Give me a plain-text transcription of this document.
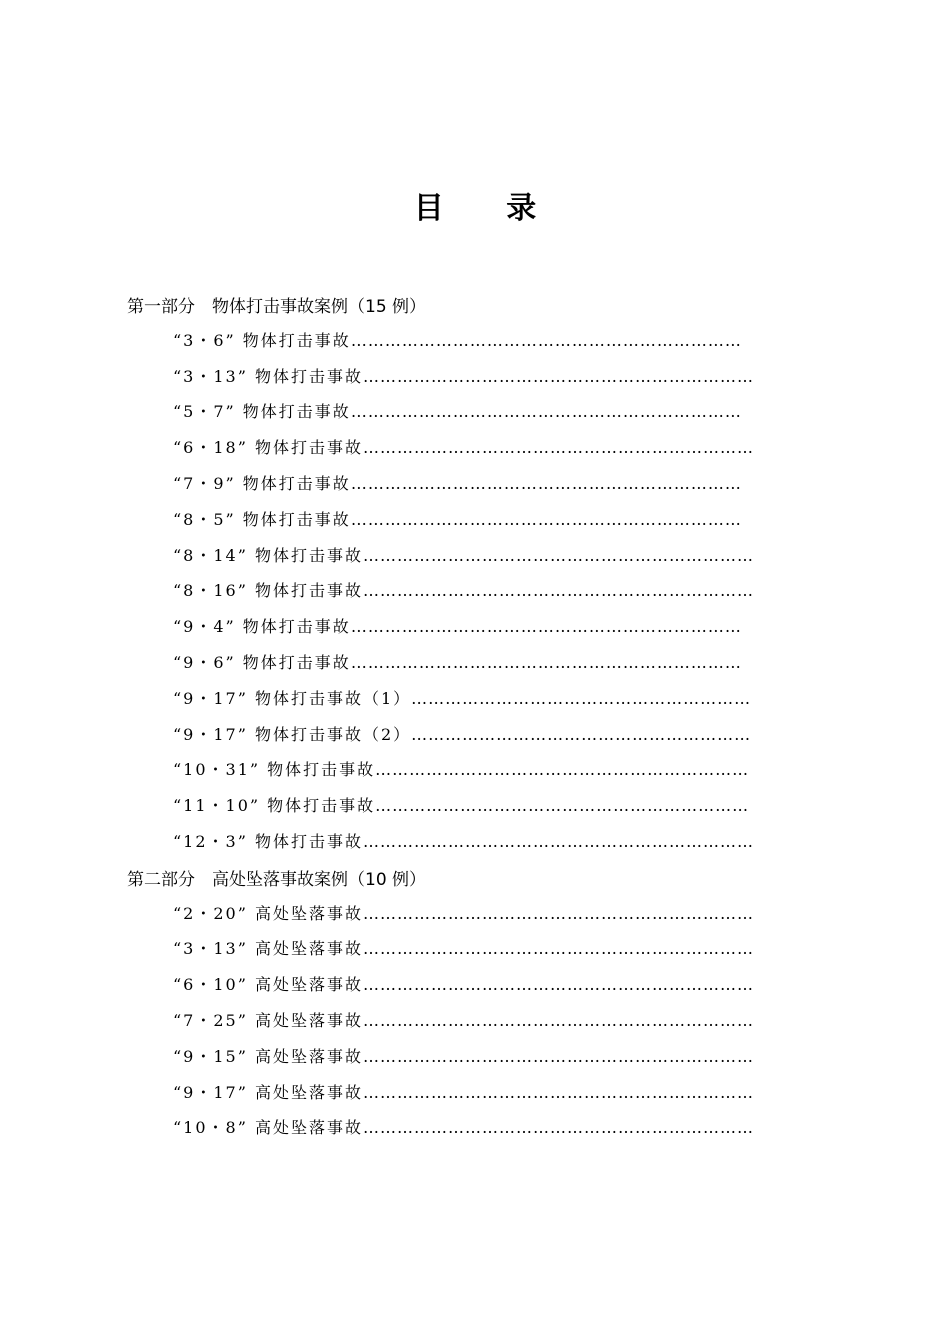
目 录
第一部分　物体打击事故案例（15 例）
“3・6” 物体打击事故……………………………………………………………
“3・13” 物体打击事故……………………………………………………………
“5・7” 物体打击事故……………………………………………………………
“6・18” 物体打击事故……………………………………………………………
“7・9” 物体打击事故……………………………………………………………
“8・5” 物体打击事故……………………………………………………………
“8・14” 物体打击事故……………………………………………………………
“8・16” 物体打击事故……………………………………………………………
“9・4” 物体打击事故……………………………………………………………
“9・6” 物体打击事故……………………………………………………………
“9・17” 物体打击事故（1）……………………………………………………
“9・17” 物体打击事故（2）……………………………………………………
“10・31” 物体打击事故…………………………………………………………
“11・10” 物体打击事故…………………………………………………………
“12・3” 物体打击事故……………………………………………………………
第二部分　高处坠落事故案例（10 例）
“2・20” 高处坠落事故……………………………………………………………
“3・13” 高处坠落事故……………………………………………………………
“6・10” 高处坠落事故……………………………………………………………
“7・25” 高处坠落事故……………………………………………………………
“9・15” 高处坠落事故……………………………………………………………
“9・17” 高处坠落事故……………………………………………………………
“10・8” 高处坠落事故……………………………………………………………
